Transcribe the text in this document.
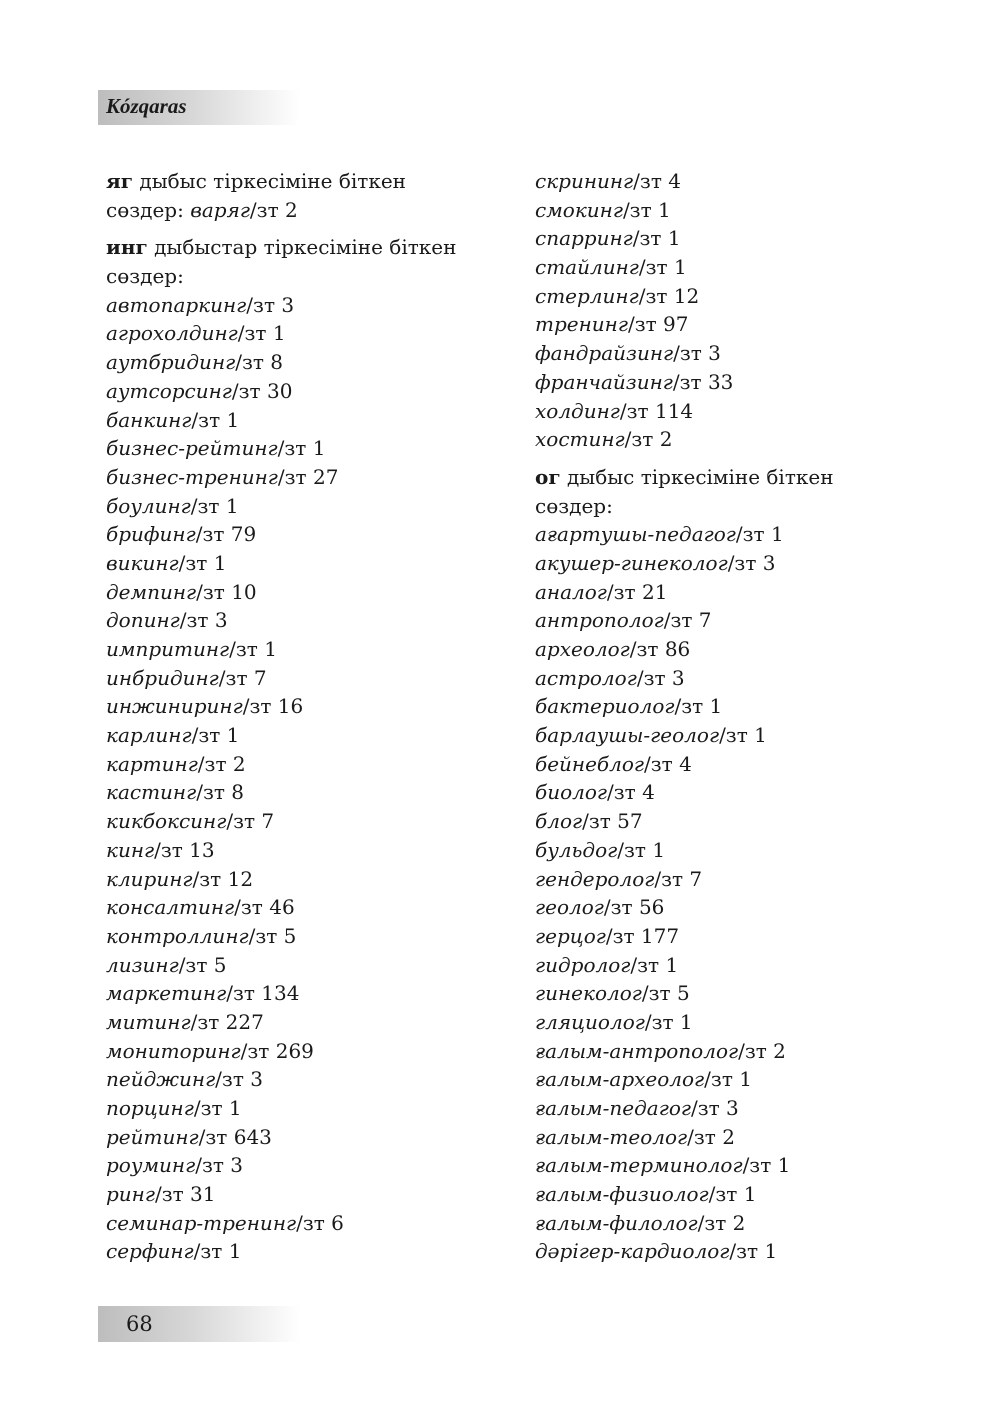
Kózqaras
яг дыбыс тіркесіміне біткен
сөздер: варяг/зт 2
инг дыбыстар тіркесіміне біткен
сөздер:
автопаркинг/зт 3
агрохолдинг/зт 1
аутбридинг/зт 8
аутсорсинг/зт 30
банкинг/зт 1
бизнес-рейтинг/зт 1
бизнес-тренинг/зт 27
боулинг/зт 1
брифинг/зт 79
викинг/зт 1
демпинг/зт 10
допинг/зт 3
импритинг/зт 1
инбридинг/зт 7
инжиниринг/зт 16
карлинг/зт 1
картинг/зт 2
кастинг/зт 8
кикбоксинг/зт 7
кинг/зт 13
клиринг/зт 12
консалтинг/зт 46
контроллинг/зт 5
лизинг/зт 5
маркетинг/зт 134
митинг/зт 227
мониторинг/зт 269
пейджинг/зт 3
порцинг/зт 1
рейтинг/зт 643
роуминг/зт 3
ринг/зт 31
семинар-тренинг/зт 6
серфинг/зт 1
скрининг/зт 4
смокинг/зт 1
спарринг/зт 1
стайлинг/зт 1
стерлинг/зт 12
тренинг/зт 97
фандрайзинг/зт 3
франчайзинг/зт 33
холдинг/зт 114
хостинг/зт 2
ог дыбыс тіркесіміне біткен
сөздер:
ағартушы-педагог/зт 1
акушер-гинеколог/зт 3
аналог/зт 21
антрополог/зт 7
археолог/зт 86
астролог/зт 3
бактериолог/зт 1
барлаушы-геолог/зт 1
бейнеблог/зт 4
биолог/зт 4
блог/зт 57
бульдог/зт 1
гендеролог/зт 7
геолог/зт 56
герцог/зт 177
гидролог/зт 1
гинеколог/зт 5
гляциолог/зт 1
ғалым-антрополог/зт 2
ғалым-археолог/зт 1
ғалым-педагог/зт 3
ғалым-теолог/зт 2
ғалым-терминолог/зт 1
ғалым-физиолог/зт 1
ғалым-филолог/зт 2
дәрігер-кардиолог/зт 1
68
